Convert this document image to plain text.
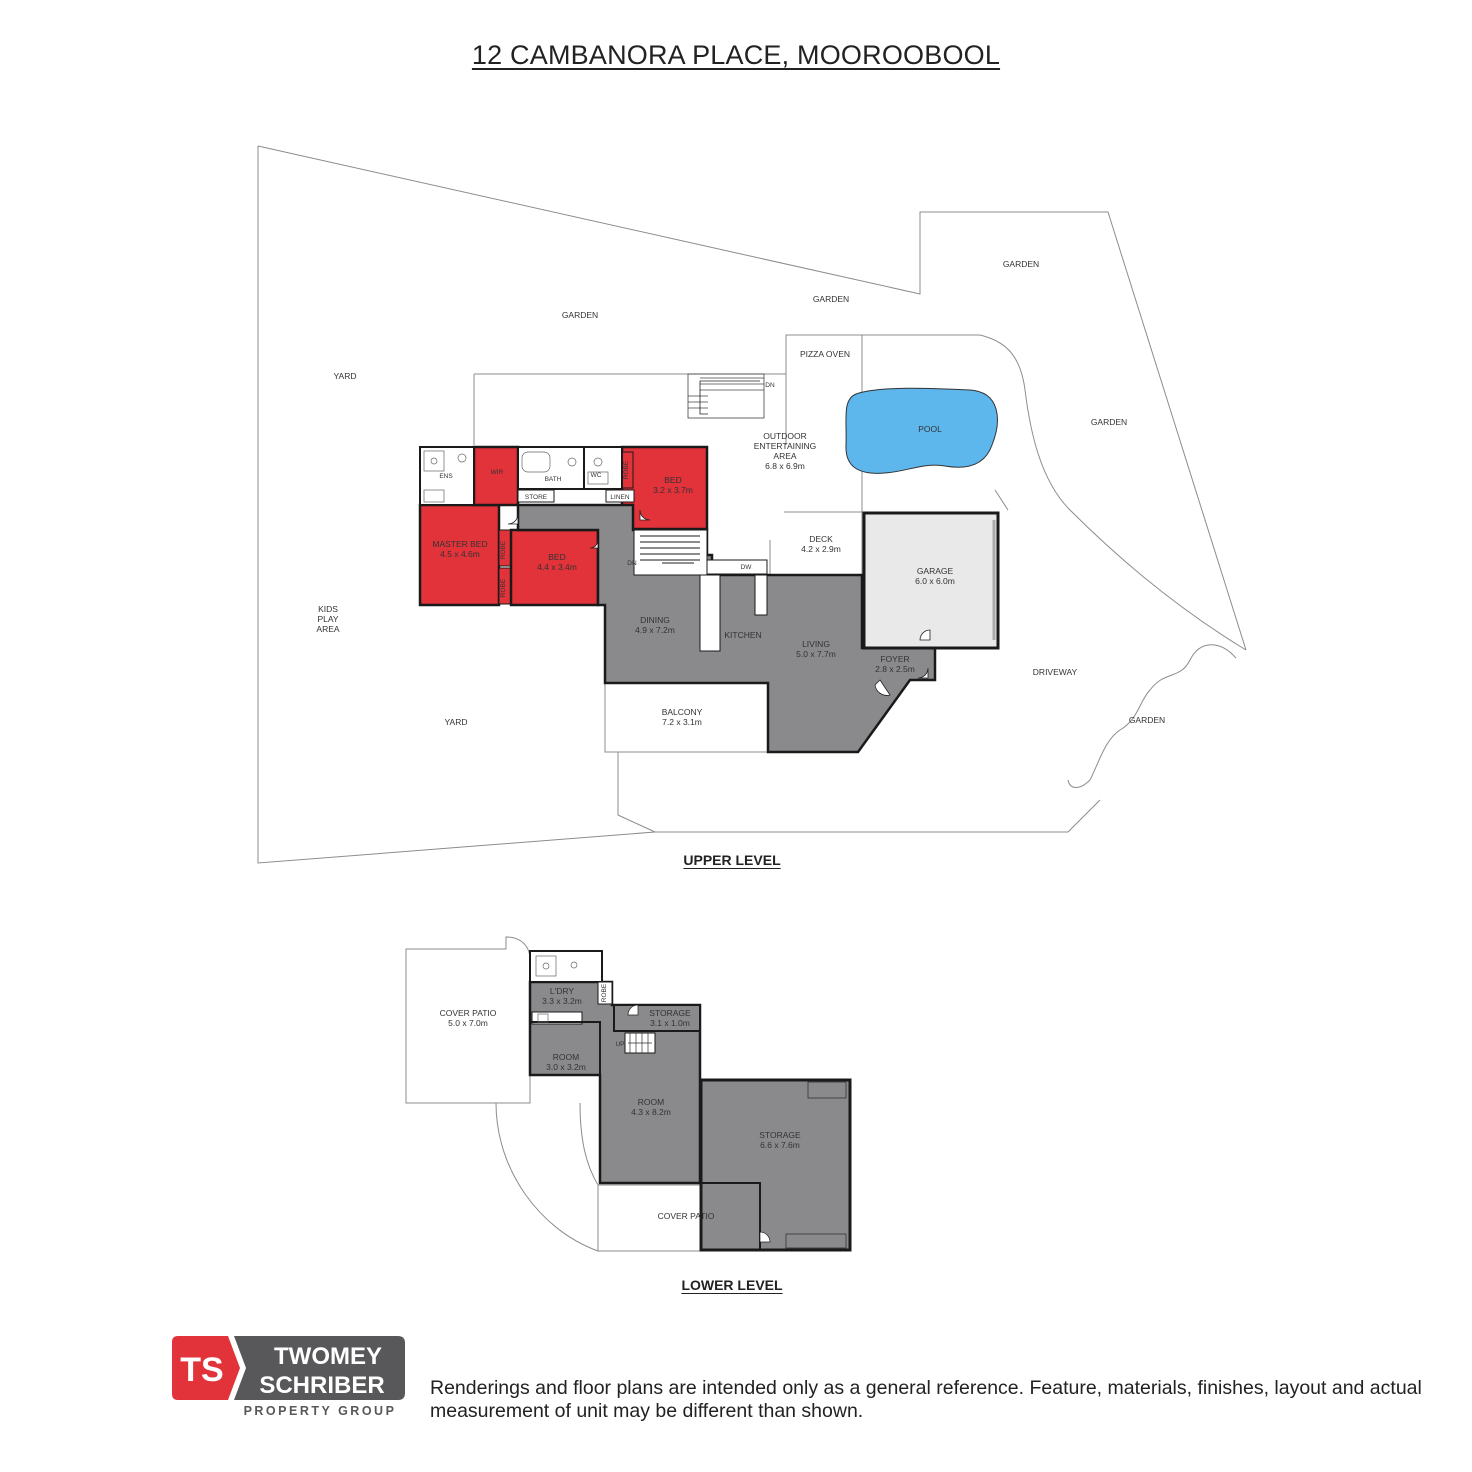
12 CAMBANORA PLACE, MOOROOBOOL
GARDEN
GARDEN
GARDEN
GARDEN
GARDEN
YARD
YARD
KIDS
PLAY
AREA
PIZZA OVEN
DN
OUTDOOR
ENTERTAINING
AREA
6.8 x 6.9m
POOL
ENS
WIR
BATH
WC
STORE	LINEN
BED
3.2 x 3.7m
MASTER BED
4.5 x 4.6m	BED
4.4 x 3.4m
ROBE
ROBE
ROBE
DN
DW
DECK
4.2 x 2.9m
GARAGE
6.0 x 6.0m
DINING
4.9 x 7.2m	KITCHEN
LIVING
5.0 x 7.7m	FOYER
2.8 x 2.5m
BALCONY
7.2 x 3.1m
DRIVEWAY
COVER PATIO
5.0 x 7.0m
L'DRY
3.3 x 3.2m	ROBE
STORAGE
3.1 x 1.0m
UP
ROOM
3.0 x 3.2m
ROOM
4.3 x 8.2m
STORAGE
6.6 x 7.6m
COVER PATIO
UPPER LEVEL
LOWER LEVEL
TS TWOMEY
SCHRIBER
PROPERTY GROUP
Renderings and floor plans are intended only as a general reference. Feature, materials, finishes, layout and actual measurement of unit may be different than shown.
